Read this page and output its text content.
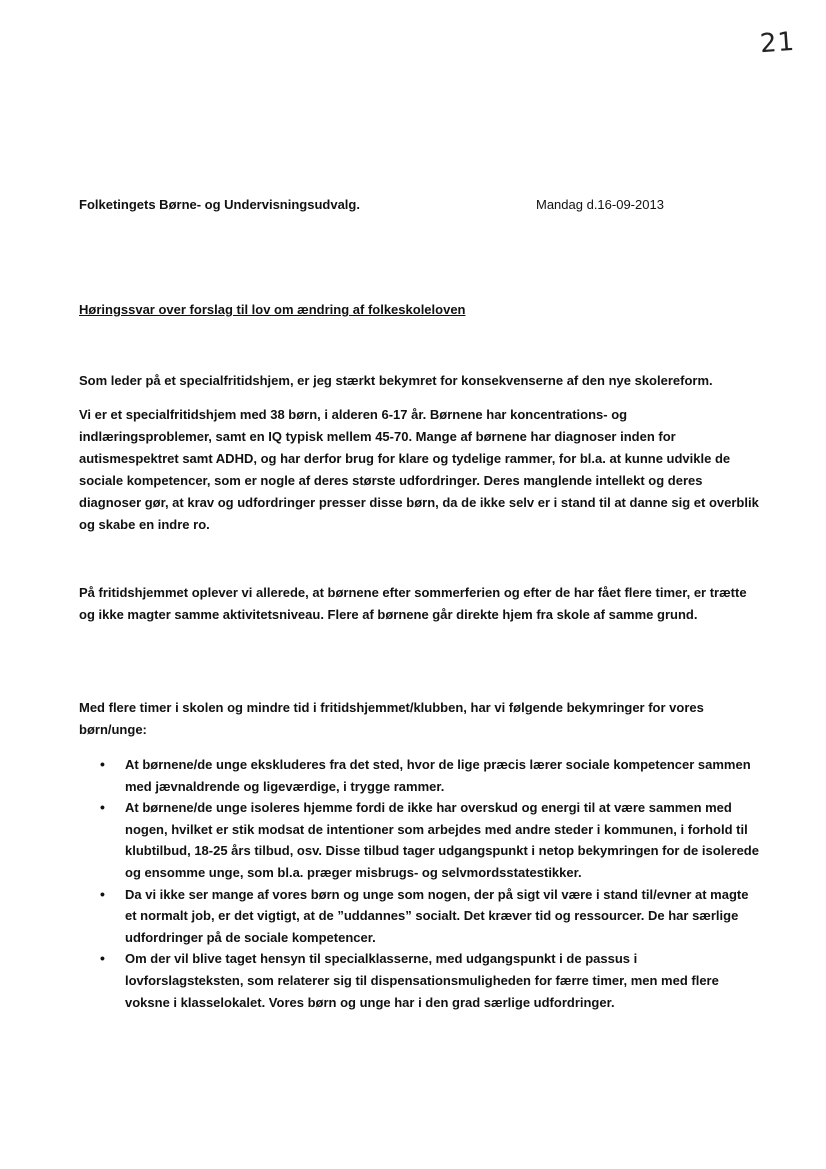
21
Folketingets Børne- og Undervisningsudvalg.	Mandag d.16-09-2013
Høringssvar over forslag til lov om ændring af folkeskoleloven

Som leder på et specialfritidshjem, er jeg stærkt bekymret for konsekvenserne af den nye skolereform.

Vi er et specialfritidshjem med 38 børn, i alderen 6-17 år. Børnene har koncentrations- og indlæringsproblemer, samt en IQ typisk mellem 45-70. Mange af børnene har diagnoser inden for autismespektret samt ADHD, og har derfor brug for klare og tydelige rammer, for bl.a. at kunne udvikle de sociale kompetencer, som er nogle af deres største udfordringer. Deres manglende intellekt og deres diagnoser gør, at krav og udfordringer presser disse børn, da de ikke selv er i stand til at danne sig et overblik og skabe en indre ro.

På fritidshjemmet oplever vi allerede, at børnene efter sommerferien og efter de har fået flere timer, er trætte og ikke magter samme aktivitetsniveau. Flere af børnene går direkte hjem fra skole af samme grund.

Med flere timer i skolen og mindre tid i fritidshjemmet/klubben, har vi følgende bekymringer for vores børn/unge:

• At børnene/de unge ekskluderes fra det sted, hvor de lige præcis lærer sociale kompetencer sammen med jævnaldrende og ligeværdige, i trygge rammer.
• At børnene/de unge isoleres hjemme fordi de ikke har overskud og energi til at være sammen med nogen, hvilket er stik modsat de intentioner som arbejdes med andre steder i kommunen, i forhold til klubtilbud, 18-25 års tilbud, osv. Disse tilbud tager udgangspunkt i netop bekymringen for de isolerede og ensomme unge, som bl.a. præger misbrugs- og selvmordsstatestikker.
• Da vi ikke ser mange af vores børn og unge som nogen, der på sigt vil være i stand til/evner at magte et normalt job, er det vigtigt, at de ”uddannes” socialt. Det kræver tid og ressourcer. De har særlige udfordringer på de sociale kompetencer.
• Om der vil blive taget hensyn til specialklasserne, med udgangspunkt i de passus i lovforslagsteksten, som relaterer sig til dispensationsmuligheden for færre timer, men med flere voksne i klasselokalet. Vores børn og unge har i den grad særlige udfordringer.
